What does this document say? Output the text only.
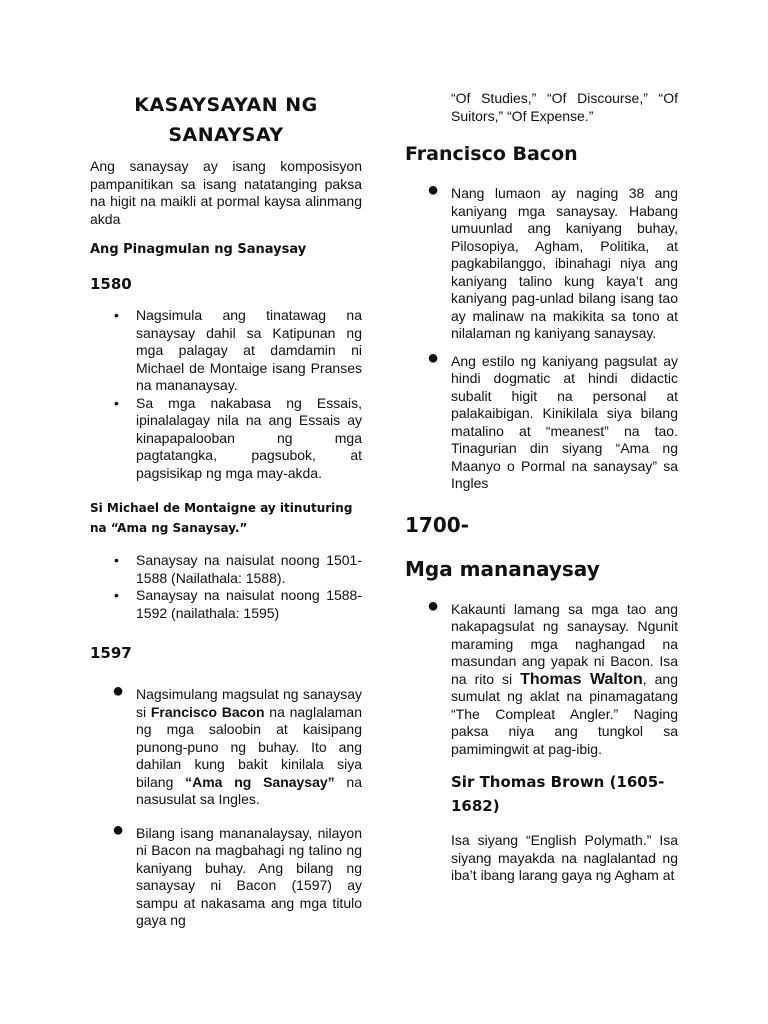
KASAYSAYAN NG
SANAYSAY

Ang sanaysay ay isang komposisyon pampanitikan sa isang natatanging paksa na higit na maikli at pormal kaysa alinmang akda

Ang Pinagmulan ng Sanaysay

1580

• Nagsimula ang tinatawag na sanaysay dahil sa Katipunan ng mga palagay at damdamin ni Michael de Montaige isang Pranses na mananaysay.
• Sa mga nakabasa ng Essais, ipinalalagay nila na ang Essais ay kinapapalooban ng mga pagtatangka, pagsubok, at pagsisikap ng mga may-akda.

Si Michael de Montaigne ay itinuturing na “Ama ng Sanaysay.”

• Sanaysay na naisulat noong 1501-1588 (Nailathala: 1588).
• Sanaysay na naisulat noong 1588-1592 (nailathala: 1595)

1597

● Nagsimulang magsulat ng sanaysay si Francisco Bacon na naglalaman ng mga saloobin at kaisipang punong-puno ng buhay. Ito ang dahilan kung bakit kinilala siya bilang “Ama ng Sanaysay” na nasusulat sa Ingles.
● Bilang isang mananalaysay, nilayon ni Bacon na magbahagi ng talino ng kaniyang buhay. Ang bilang ng sanaysay ni Bacon (1597) ay sampu at nakasama ang mga titulo gaya ng

“Of Studies,” “Of Discourse,” “Of Suitors,” “Of Expense.”

Francisco Bacon

● Nang lumaon ay naging 38 ang kaniyang mga sanaysay. Habang umuunlad ang kaniyang buhay, Pilosopiya, Agham, Politika, at pagkabilanggo, ibinahagi niya ang kaniyang talino kung kaya’t ang kaniyang pag-unlad bilang isang tao ay malinaw na makikita sa tono at nilalaman ng kaniyang sanaysay.
● Ang estilo ng kaniyang pagsulat ay hindi dogmatic at hindi didactic subalit higit na personal at palakaibigan. Kinikilala siya bilang matalino at “meanest” na tao. Tinagurian din siyang “Ama ng Maanyo o Pormal na sanaysay” sa Ingles

1700-

Mga mananaysay

● Kakaunti lamang sa mga tao ang nakapagsulat ng sanaysay. Ngunit maraming mga naghangad na masundan ang yapak ni Bacon. Isa na rito si Thomas Walton, ang sumulat ng aklat na pinamagatang “The Compleat Angler.” Naging paksa niya ang tungkol sa pamimingwit at pag-ibig.

Sir Thomas Brown (1605-1682)

Isa siyang “English Polymath.” Isa siyang mayakda na naglalantad ng iba’t ibang larang gaya ng Agham at
